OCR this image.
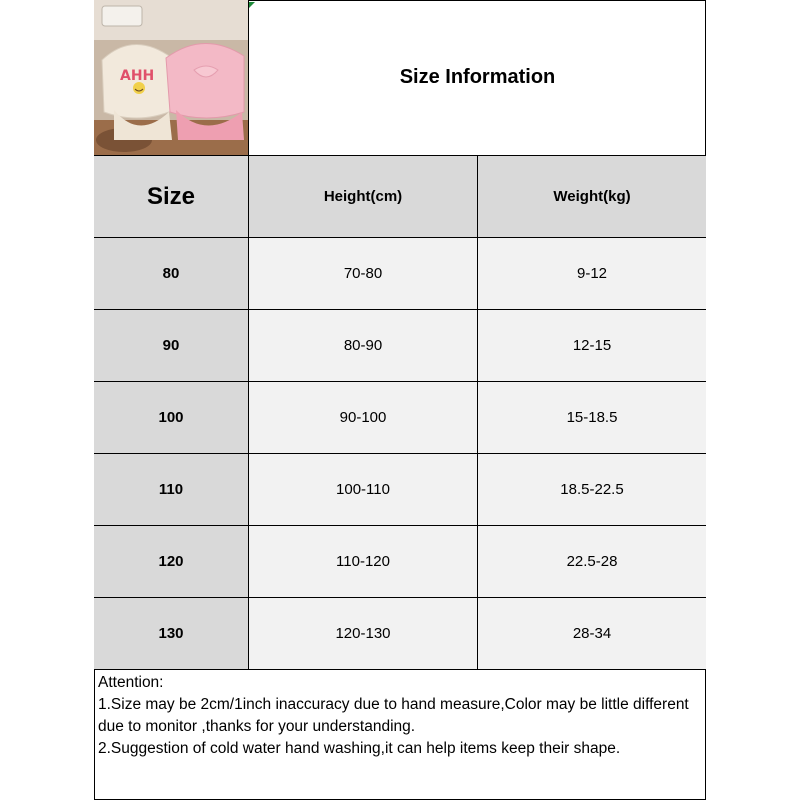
AHH	Size Information
Size	Height(cm)	Weight(kg)
80	70-80	9-12
90	80-90	12-15
100	90-100	15-18.5
110	100-110	18.5-22.5
120	110-120	22.5-28
130	120-130	28-34

Attention:

1.Size may be 2cm/1inch inaccuracy due to hand measure,Color may be little different due to monitor ,thanks for your understanding.

2.Suggestion of cold water hand washing,it can help items keep their shape.
